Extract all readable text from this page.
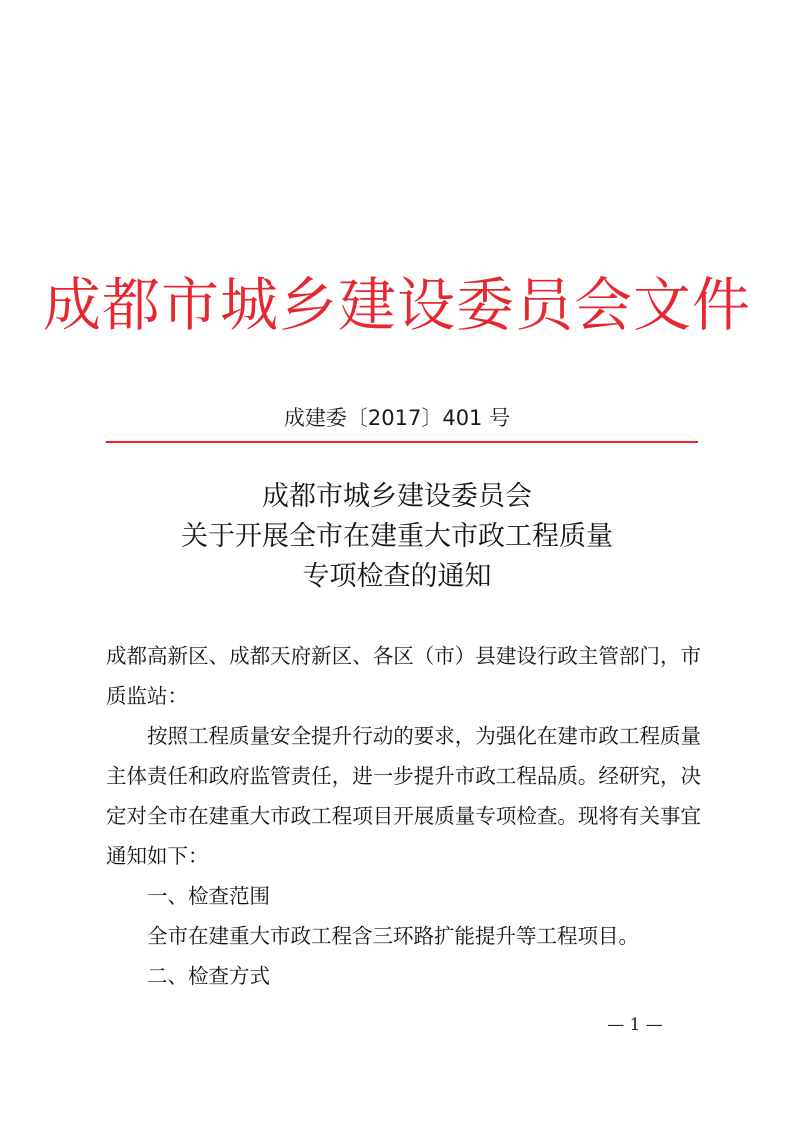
成都市城乡建设委员会文件
成建委〔2017〕401 号
成都市城乡建设委员会
关于开展全市在建重大市政工程质量
专项检查的通知

成都高新区、成都天府新区、各区（市）县建设行政主管部门，市质监站：

按照工程质量安全提升行动的要求，为强化在建市政工程质量主体责任和政府监管责任，进一步提升市政工程品质。经研究，决定对全市在建重大市政工程项目开展质量专项检查。现将有关事宜通知如下：

一、检查范围

全市在建重大市政工程含三环路扩能提升等工程项目。

二、检查方式

— 1 —
